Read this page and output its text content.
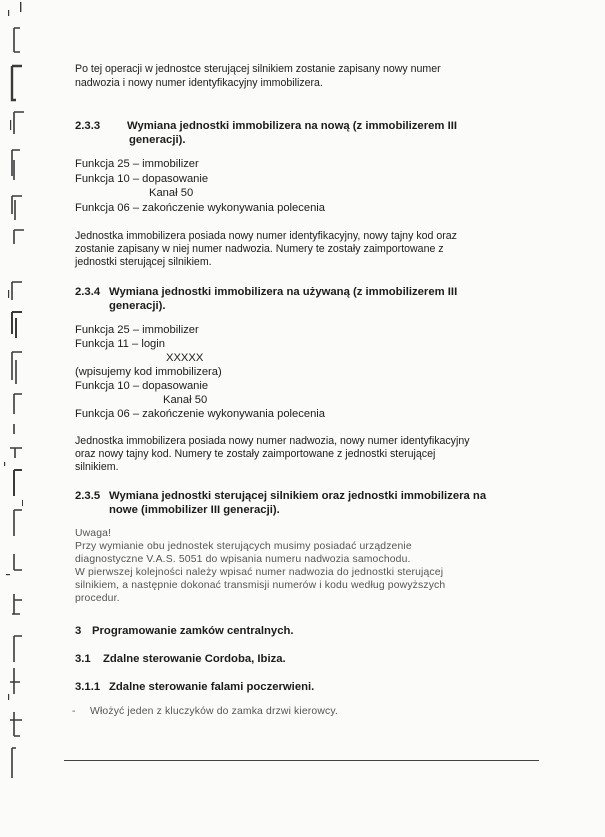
Po tej operacji w jednostce sterującej silnikiem zostanie zapisany nowy numer

nadwozia i nowy numer identyfikacyjny immobilizera.

2.3.3 Wymiana jednostki immobilizera na nową (z immobilizerem III
generacji).

Funkcja 25 – immobilizer

Funkcja 10 – dopasowanie

Kanał 50

Funkcja 06 – zakończenie wykonywania polecenia

Jednostka immobilizera posiada nowy numer identyfikacyjny, nowy tajny kod oraz

zostanie zapisany w niej numer nadwozia. Numery te zostały zaimportowane z

jednostki sterującej silnikiem.

2.3.4 Wymiana jednostki immobilizera na używaną (z immobilizerem III
generacji).

Funkcja 25 – immobilizer

Funkcja 11 – login

XXXXX

(wpisujemy kod immobilizera)

Funkcja 10 – dopasowanie

Kanał 50

Funkcja 06 – zakończenie wykonywania polecenia

Jednostka immobilizera posiada nowy numer nadwozia, nowy numer identyfikacyjny

oraz nowy tajny kod. Numery te zostały zaimportowane z jednostki sterującej

silnikiem.

2.3.5 Wymiana jednostki sterującej silnikiem oraz jednostki immobilizera na
nowe (immobilizer III generacji).

Uwaga!

Przy wymianie obu jednostek sterujących musimy posiadać urządzenie

diagnostyczne V.A.S. 5051 do wpisania numeru nadwozia samochodu.

W pierwszej kolejności należy wpisać numer nadwozia do jednostki sterującej

silnikiem, a następnie dokonać transmisji numerów i kodu według powyższych

procedur.

3 Programowanie zamków centralnych.
3.1 Zdalne sterowanie Cordoba, Ibiza.
3.1.1 Zdalne sterowanie falami poczerwieni.

- Włożyć jeden z kluczyków do zamka drzwi kierowcy.
